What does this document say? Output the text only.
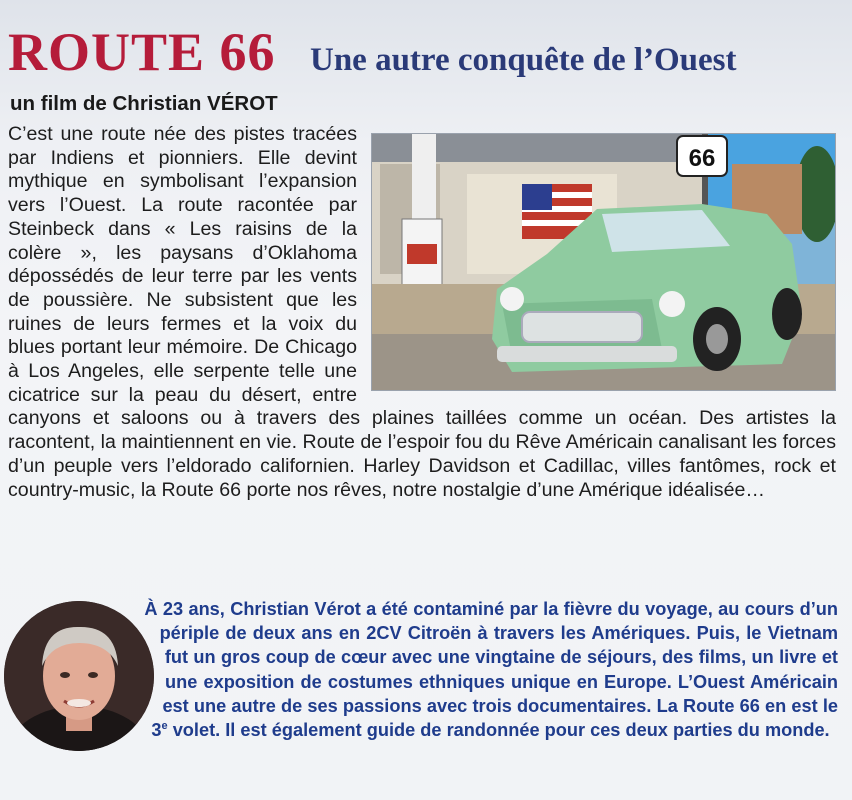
ROUTE 66 Une autre conquête de l’Ouest
un film de Christian VÉROT
66
C’est une route née des pistes tracées par Indiens et pionniers. Elle devint mythique en symbolisant l’expansion vers l’Ouest. La route racontée par Steinbeck dans « Les raisins de la colère », les paysans d’Oklahoma dépossédés de leur terre par les vents de poussière. Ne subsistent que les ruines de leurs fermes et la voix du blues portant leur mémoire. De Chicago à Los Angeles, elle serpente telle une cicatrice sur la peau du désert, entre canyons et saloons ou à travers des plaines taillées comme un océan. Des artistes la racontent, la maintiennent en vie. Route de l’espoir fou du Rêve Américain canalisant les forces d’un peuple vers l’eldorado californien. Harley Davidson et Cadillac, villes fantômes, rock et country-music, la Route 66 porte nos rêves, notre nostalgie d’une Amérique idéalisée…
À 23 ans, Christian Vérot a été contaminé par la fièvre du voyage, au cours d’un périple de deux ans en 2CV Citroën à travers les Amériques. Puis, le Vietnam fut un gros coup de cœur avec une vingtaine de séjours, des films, un livre et une exposition de costumes ethniques unique en Europe. L’Ouest Américain est une autre de ses passions avec trois documentaires. La Route 66 en est le 3e volet. Il est également guide de randonnée pour ces deux parties du monde.
